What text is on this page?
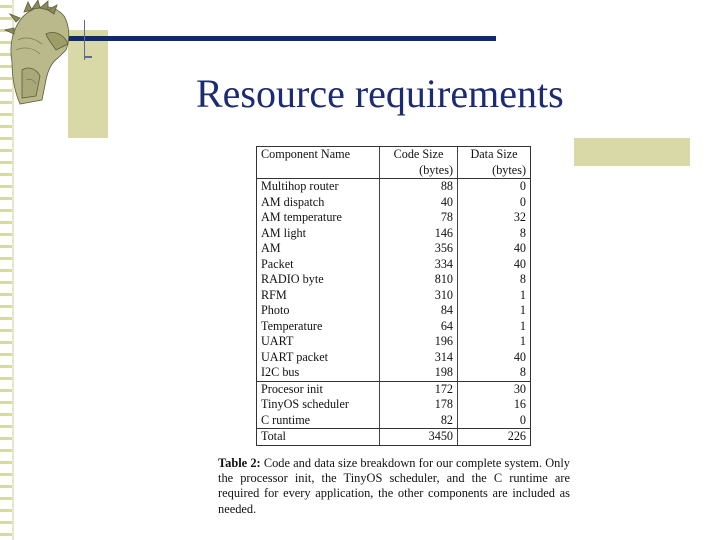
Resource requirements
Component Name	Code Size	Data Size
	(bytes)	(bytes)
Multihop router	88	0
AM dispatch	40	0
AM temperature	78	32
AM light	146	8
AM	356	40
Packet	334	40
RADIO byte	810	8
RFM	310	1
Photo	84	1
Temperature	64	1
UART	196	1
UART packet	314	40
I2C bus	198	8
Procesor init	172	30
TinyOS scheduler	178	16
C runtime	82	0
Total	3450	226
Table 2: Code and data size breakdown for our complete system. Only the processor init, the TinyOS scheduler, and the C runtime are required for every application, the other components are included as needed.
